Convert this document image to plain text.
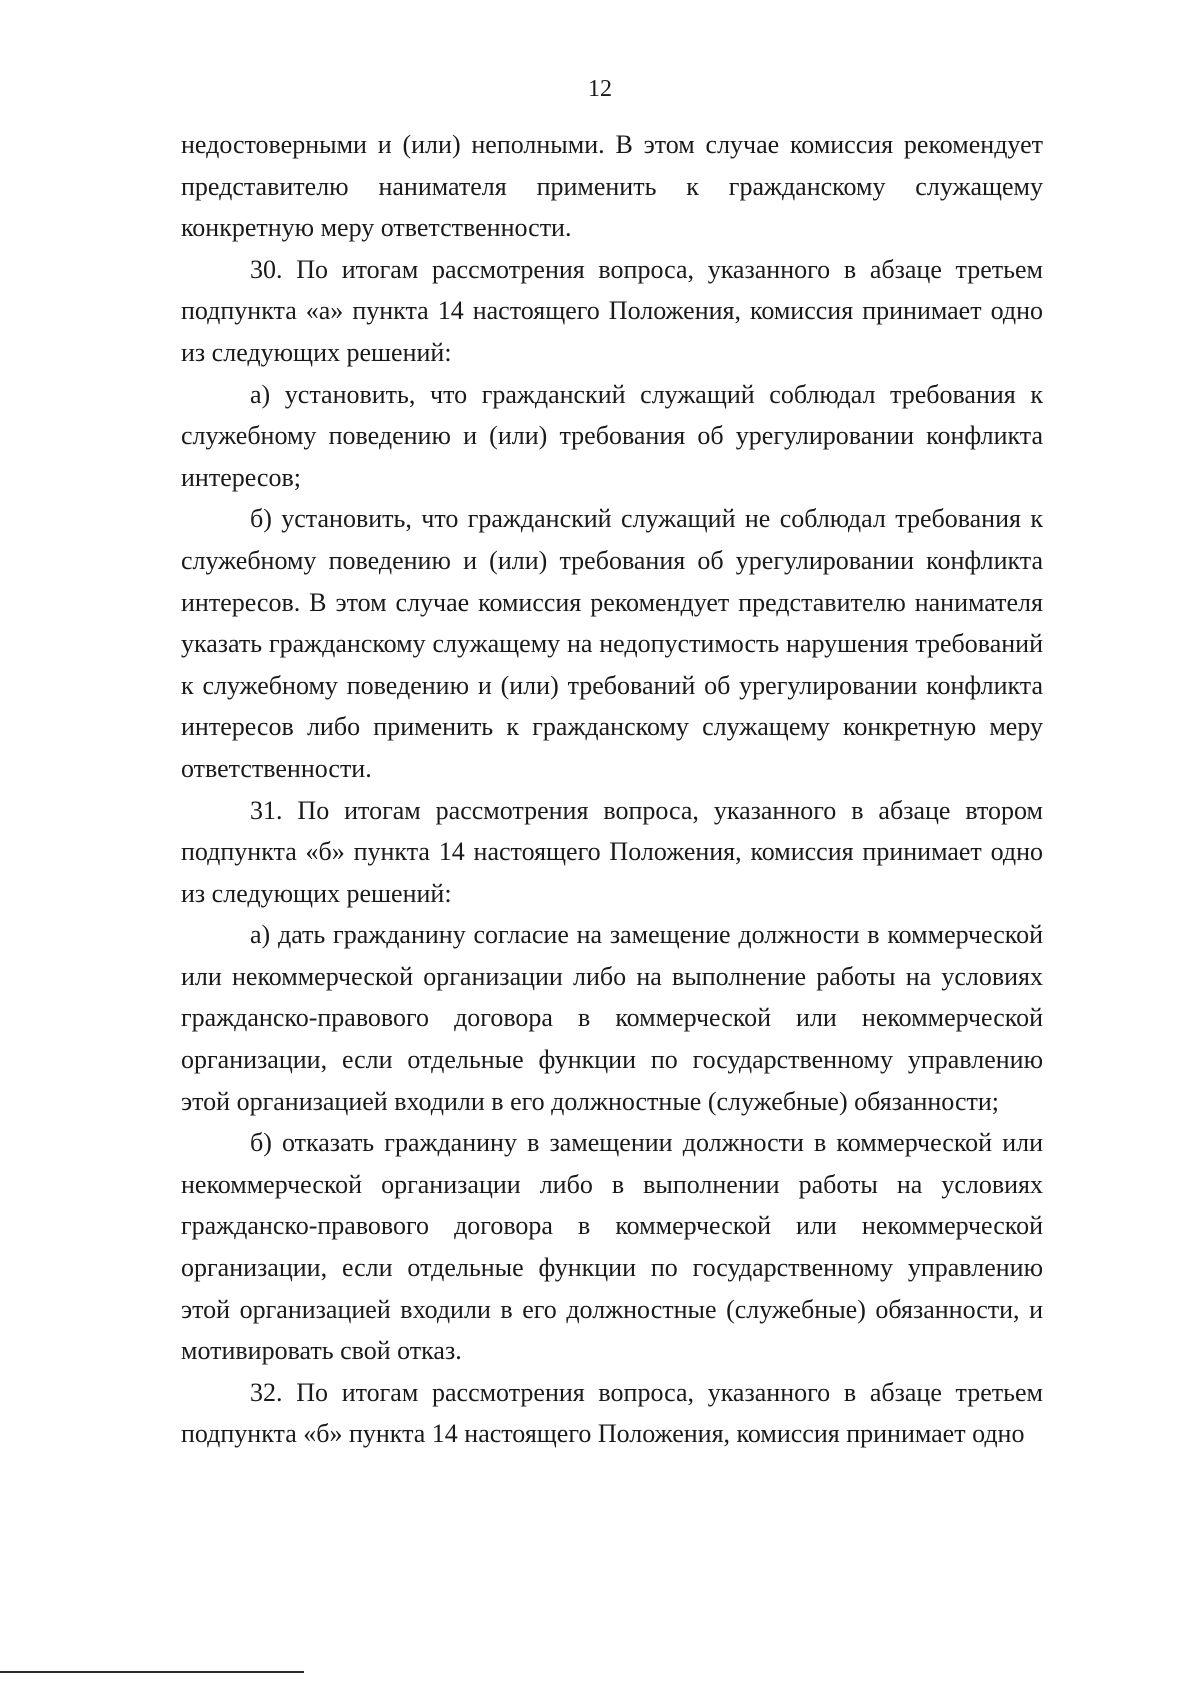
12

недостоверными и (или) неполными. В этом случае комиссия рекомендует представителю нанимателя применить к гражданскому служащему конкретную меру ответственности.

30. По итогам рассмотрения вопроса, указанного в абзаце третьем подпункта «а» пункта 14 настоящего Положения, комиссия принимает одно из следующих решений:

а) установить, что гражданский служащий соблюдал требования к служебному поведению и (или) требования об урегулировании конфликта интересов;

б) установить, что гражданский служащий не соблюдал требования к служебному поведению и (или) требования об урегулировании конфликта интересов. В этом случае комиссия рекомендует представителю нанимателя указать гражданскому служащему на недопустимость нарушения требований к служебному поведению и (или) требований об урегулировании конфликта интересов либо применить к гражданскому служащему конкретную меру ответственности.

31. По итогам рассмотрения вопроса, указанного в абзаце втором подпункта «б» пункта 14 настоящего Положения, комиссия принимает одно из следующих решений:

а) дать гражданину согласие на замещение должности в коммерческой или некоммерческой организации либо на выполнение работы на условиях гражданско-правового договора в коммерческой или некоммерческой организации, если отдельные функции по государственному управлению этой организацией входили в его должностные (служебные) обязанности;

б) отказать гражданину в замещении должности в коммерческой или некоммерческой организации либо в выполнении работы на условиях гражданско-правового договора в коммерческой или некоммерческой организации, если отдельные функции по государственному управлению этой организацией входили в его должностные (служебные) обязанности, и мотивировать свой отказ.

32. По итогам рассмотрения вопроса, указанного в абзаце третьем подпункта «б» пункта 14 настоящего Положения, комиссия принимает одно
